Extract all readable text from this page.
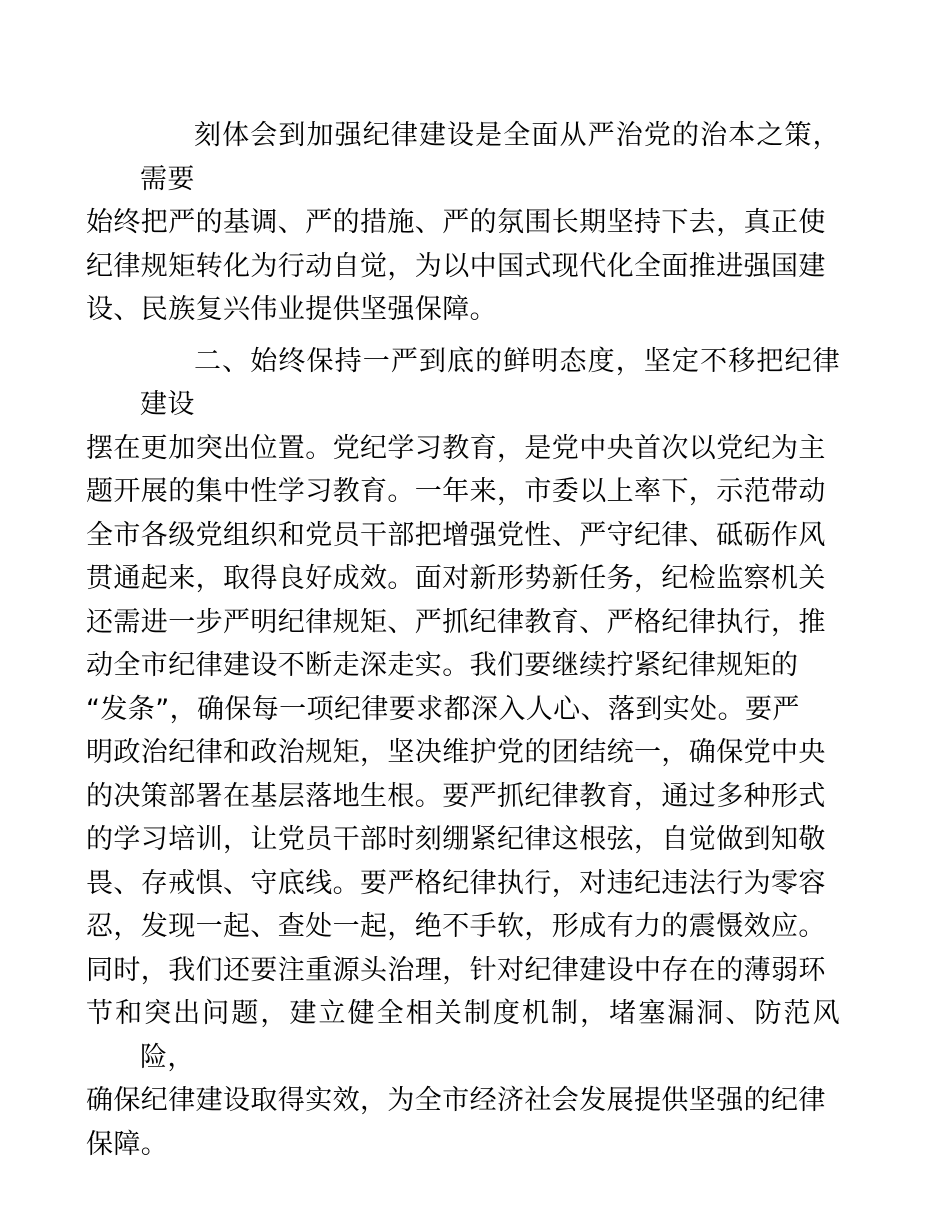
刻体会到加强纪律建设是全面从严治党的治本之策，需要
始终把严的基调、严的措施、严的氛围长期坚持下去，真正使
纪律规矩转化为行动自觉，为以中国式现代化全面推进强国建
设、民族复兴伟业提供坚强保障。

二、始终保持一严到底的鲜明态度，坚定不移把纪律建设
摆在更加突出位置。党纪学习教育，是党中央首次以党纪为主
题开展的集中性学习教育。一年来，市委以上率下，示范带动
全市各级党组织和党员干部把增强党性、严守纪律、砥砺作风
贯通起来，取得良好成效。面对新形势新任务，纪检监察机关
还需进一步严明纪律规矩、严抓纪律教育、严格纪律执行，推
动全市纪律建设不断走深走实。我们要继续拧紧纪律规矩的
“发条”，确保每一项纪律要求都深入人心、落到实处。要严
明政治纪律和政治规矩，坚决维护党的团结统一，确保党中央
的决策部署在基层落地生根。要严抓纪律教育，通过多种形式
的学习培训，让党员干部时刻绷紧纪律这根弦，自觉做到知敬
畏、存戒惧、守底线。要严格纪律执行，对违纪违法行为零容
忍，发现一起、查处一起，绝不手软，形成有力的震慑效应。
同时，我们还要注重源头治理，针对纪律建设中存在的薄弱环
节和突出问题，建立健全相关制度机制，堵塞漏洞、防范风险，
确保纪律建设取得实效，为全市经济社会发展提供坚强的纪律
保障。
